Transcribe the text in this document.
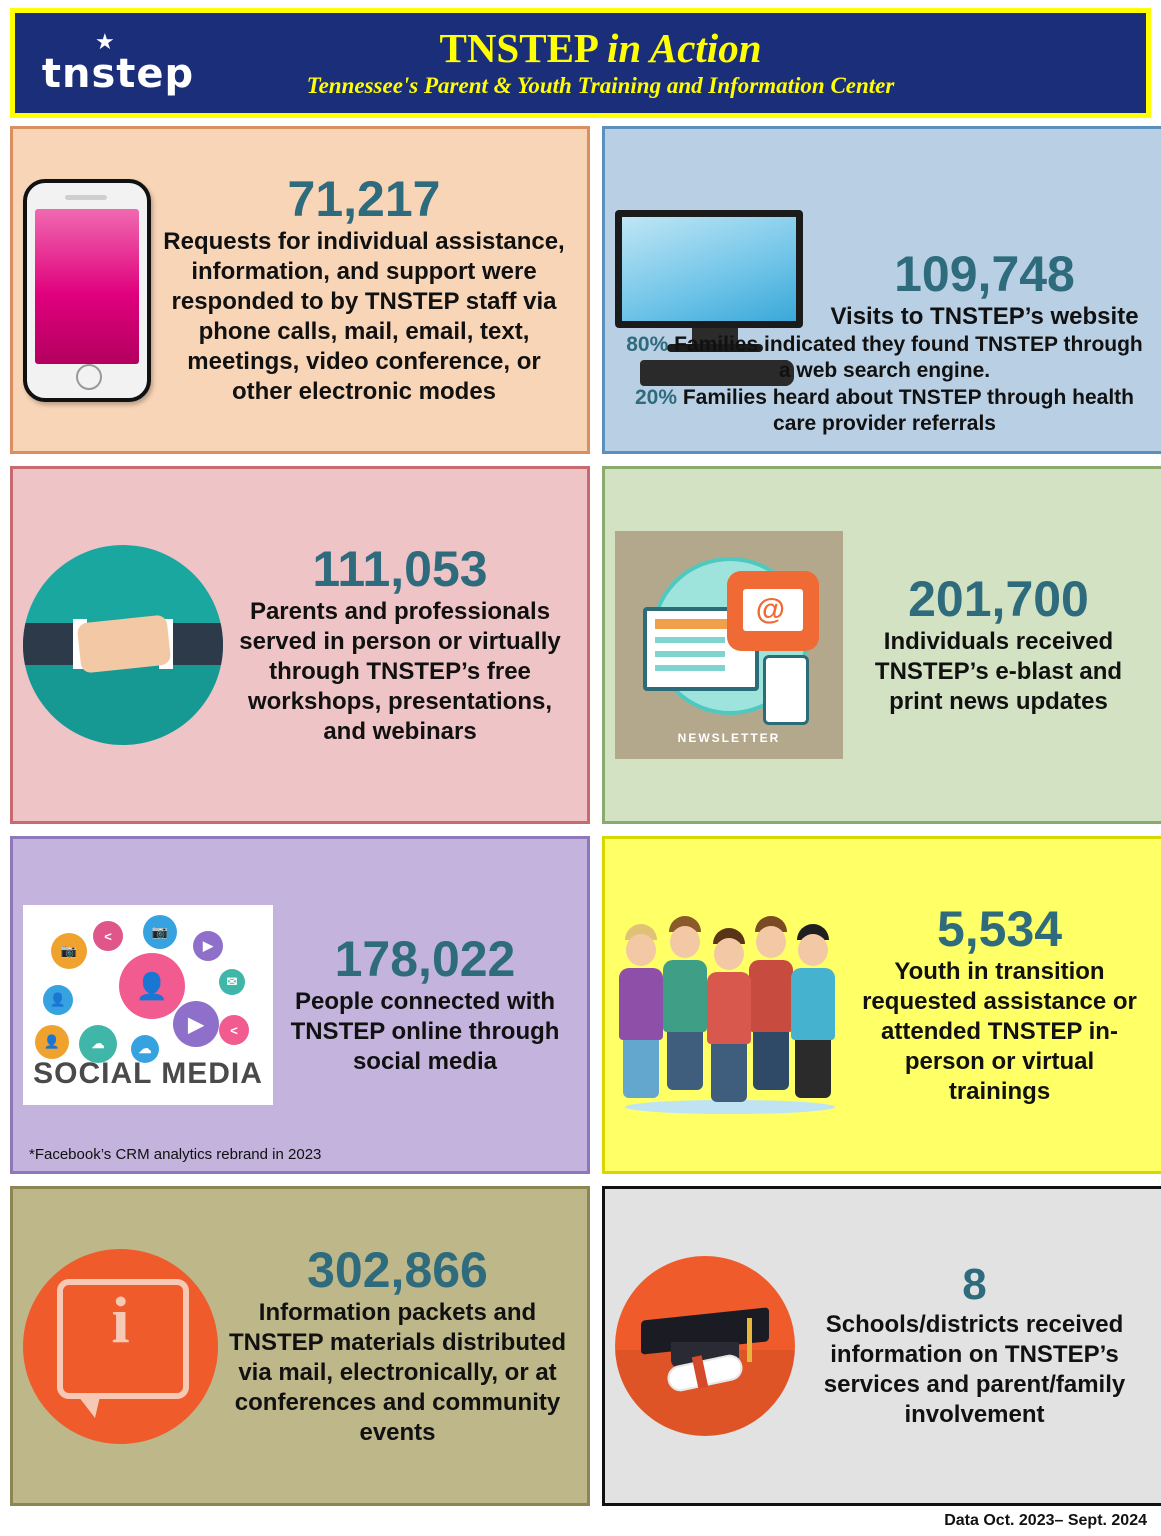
★
tnstep
TNSTEP in Action
Tennessee's Parent & Youth Training and Information Center
71,217
Requests for individual assistance, information, and support were responded to by TNSTEP staff via phone calls, mail, email, text, meetings, video conference, or other electronic modes
109,748
Visits to TNSTEP’s website
80% Families indicated they found TNSTEP through a web search engine.
20% Families heard about TNSTEP through health care provider referrals
111,053
Parents and professionals served in person or virtually through TNSTEP’s free workshops, presentations, and webinars
@
NEWSLETTER
201,700
Individuals received TNSTEP’s e-blast and print news updates
👤
📷
<	📷
▶
✉
👤
👤	☁
▶	<
☁
SOCIAL MEDIA
178,022
People connected with TNSTEP online through social media
*Facebook’s CRM analytics rebrand in 2023
5,534
Youth in transition requested assistance or attended TNSTEP in-person or virtual trainings
i
302,866
Information packets and TNSTEP materials distributed via mail, electronically, or at conferences and community events
8
Schools/districts received information on TNSTEP’s services and parent/family involvement
Data Oct. 2023– Sept. 2024
